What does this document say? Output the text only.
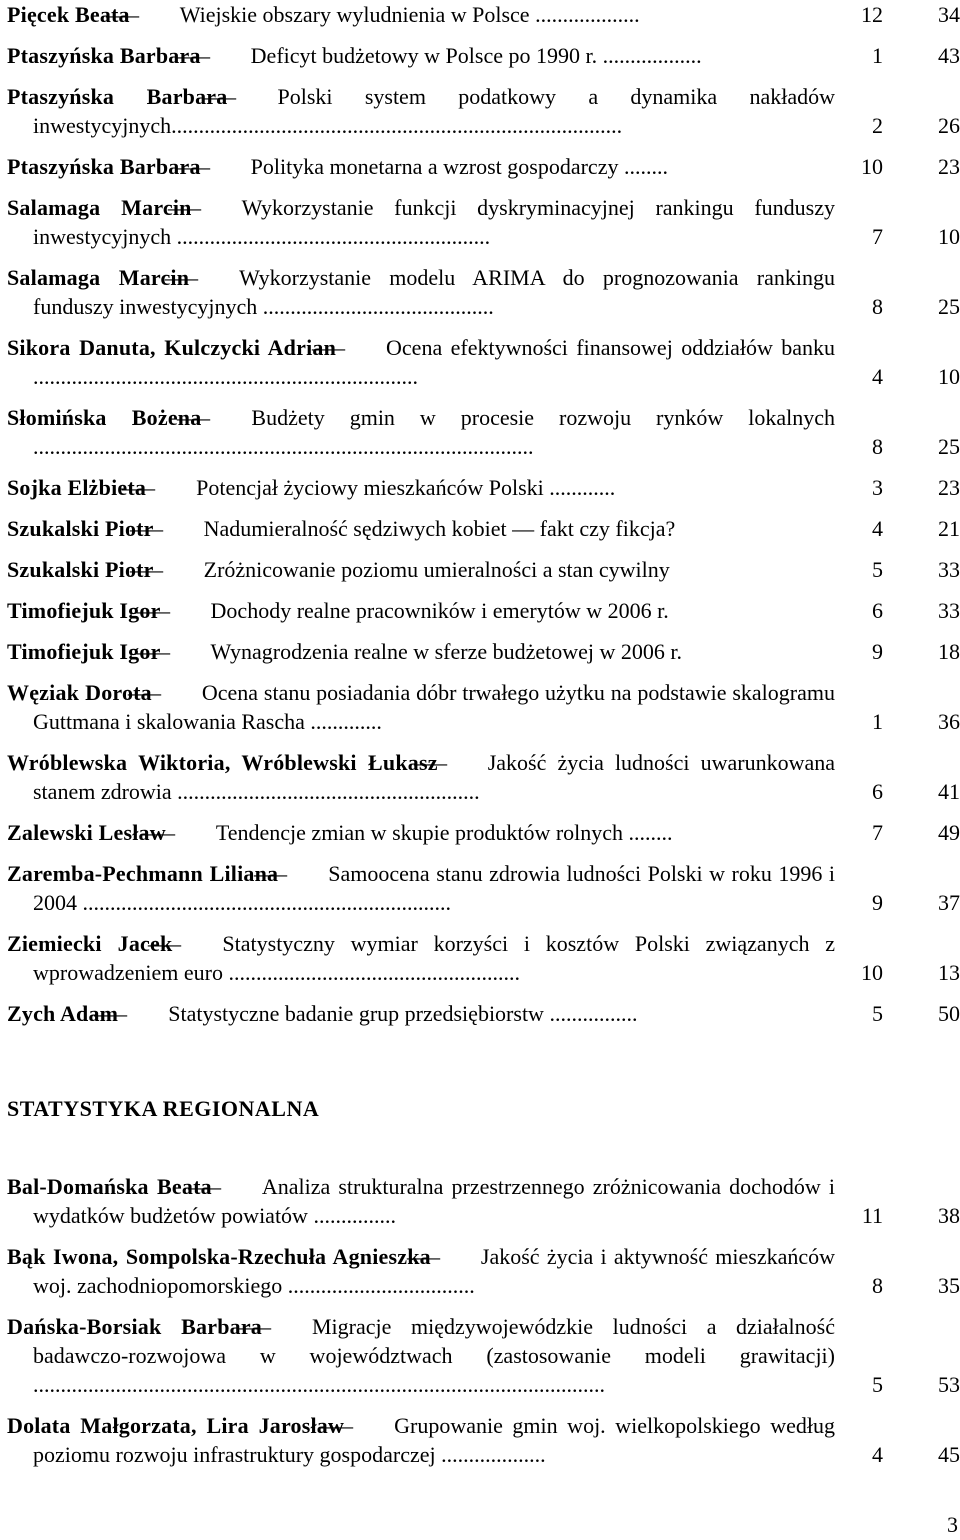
Pięcek Beata — Wiejskie obszary wyludnienia w Polsce ...................	12	34
Ptaszyńska Barbara — Deficyt budżetowy w Polsce po 1990 r. ..................	1	43
Ptaszyńska Barbara — Polski system podatkowy a dynamika nakładów inwestycyjnych..................................................................................	2	26
Ptaszyńska Barbara — Polityka monetarna a wzrost gospodarczy ........	10	23
Salamaga Marcin — Wykorzystanie funkcji dyskryminacyjnej rankingu funduszy inwestycyjnych .........................................................	7	10
Salamaga Marcin — Wykorzystanie modelu ARIMA do prognozowania rankingu funduszy inwestycyjnych ..........................................	8	25
Sikora Danuta, Kulczycki Adrian — Ocena efektywności finansowej oddziałów banku ......................................................................	4	10
Słomińska Bożena — Budżety gmin w procesie rozwoju rynków lokalnych ...........................................................................................	8	25
Sojka Elżbieta — Potencjał życiowy mieszkańców Polski ............	3	23
Szukalski Piotr — Nadumieralność sędziwych kobiet — fakt czy fikcja?	4	21
Szukalski Piotr — Zróżnicowanie poziomu umieralności a stan cywilny	5	33
Timofiejuk Igor — Dochody realne pracowników i emerytów w 2006 r.	6	33
Timofiejuk Igor — Wynagrodzenia realne w sferze budżetowej w 2006 r.	9	18
Węziak Dorota — Ocena stanu posiadania dóbr trwałego użytku na podstawie skalogramu Guttmana i skalowania Rascha .............	1	36
Wróblewska Wiktoria, Wróblewski Łukasz — Jakość życia ludności uwarunkowana stanem zdrowia .......................................................	6	41
Zalewski Lesław — Tendencje zmian w skupie produktów rolnych ........	7	49
Zaremba-Pechmann Liliana — Samoocena stanu zdrowia ludności Polski w roku 1996 i 2004 ...................................................................	9	37
Ziemiecki Jacek — Statystyczny wymiar korzyści i kosztów Polski związanych z wprowadzeniem euro .....................................................	10	13
Zych Adam — Statystyczne badanie grup przedsiębiorstw ................	5	50
STATYSTYKA REGIONALNA
Bal-Domańska Beata — Analiza strukturalna przestrzennego zróżnicowania dochodów i wydatków budżetów powiatów ...............	11	38
Bąk Iwona, Sompolska-Rzechuła Agnieszka — Jakość życia i aktywność mieszkańców woj. zachodniopomorskiego ..................................	8	35
Dańska-Borsiak Barbara — Migracje międzywojewódzkie ludności a działalność badawczo-rozwojowa w województwach (zastosowanie modeli grawitacji) ........................................................................................................	5	53
Dolata Małgorzata, Lira Jarosław — Grupowanie gmin woj. wielkopolskiego według poziomu rozwoju infrastruktury gospodarczej ...................	4	45
3
